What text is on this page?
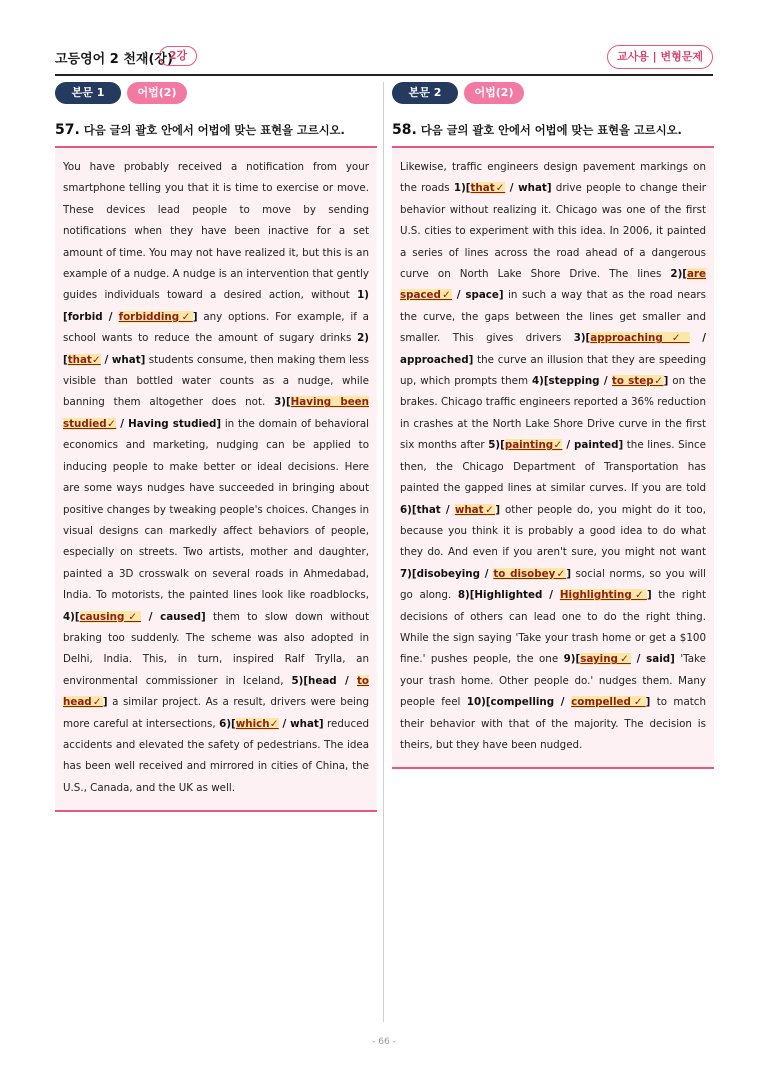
고등영어 2 천재(강)
2강	교사용 | 변형문제
본문 1	어법(2)
57. 다음 글의 괄호 안에서 어법에 맞는 표현을 고르시오.
You have probably received a notification from your smartphone telling you that it is time to exercise or move. These devices lead people to move by sending notifications when they have been inactive for a set amount of time. You may not have realized it, but this is an example of a nudge. A nudge is an intervention that gently guides individuals toward a desired action, without 1)[forbid / forbidding✓] any options. For example, if a school wants to reduce the amount of sugary drinks 2)[that✓ / what] students consume, then making them less visible than bottled water counts as a nudge, while banning them altogether does not. 3)[Having been studied✓ / Having studied] in the domain of behavioral economics and marketing, nudging can be applied to inducing people to make better or ideal decisions. Here are some ways nudges have succeeded in bringing about positive changes by tweaking people's choices. Changes in visual designs can markedly affect behaviors of people, especially on streets. Two artists, mother and daughter, painted a 3D crosswalk on several roads in Ahmedabad, India. To motorists, the painted lines look like roadblocks, 4)[causing✓ / caused] them to slow down without braking too suddenly. The scheme was also adopted in Delhi, India. This, in turn, inspired Ralf Trylla, an environmental commissioner in Iceland, 5)[head / to head✓] a similar project. As a result, drivers were being more careful at intersections, 6)[which✓ / what] reduced accidents and elevated the safety of pedestrians. The idea has been well received and mirrored in cities of China, the U.S., Canada, and the UK as well.
본문 2	어법(2)
58. 다음 글의 괄호 안에서 어법에 맞는 표현을 고르시오.
Likewise, traffic engineers design pavement markings on the roads 1)[that✓ / what] drive people to change their behavior without realizing it. Chicago was one of the first U.S. cities to experiment with this idea. In 2006, it painted a series of lines across the road ahead of a dangerous curve on North Lake Shore Drive. The lines 2)[are spaced✓ / space] in such a way that as the road nears the curve, the gaps between the lines get smaller and smaller. This gives drivers 3)[approaching✓ / approached] the curve an illusion that they are speeding up, which prompts them 4)[stepping / to step✓] on the brakes. Chicago traffic engineers reported a 36% reduction in crashes at the North Lake Shore Drive curve in the first six months after 5)[painting✓ / painted] the lines. Since then, the Chicago Department of Transportation has painted the gapped lines at similar curves. If you are told 6)[that / what✓] other people do, you might do it too, because you think it is probably a good idea to do what they do. And even if you aren't sure, you might not want 7)[disobeying / to disobey✓] social norms, so you will go along. 8)[Highlighted / Highlighting✓] the right decisions of others can lead one to do the right thing. While the sign saying 'Take your trash home or get a $100 fine.' pushes people, the one 9)[saying✓ / said] 'Take your trash home. Other people do.' nudges them. Many people feel 10)[compelling / compelled✓] to match their behavior with that of the majority. The decision is theirs, but they have been nudged.
- 66 -
